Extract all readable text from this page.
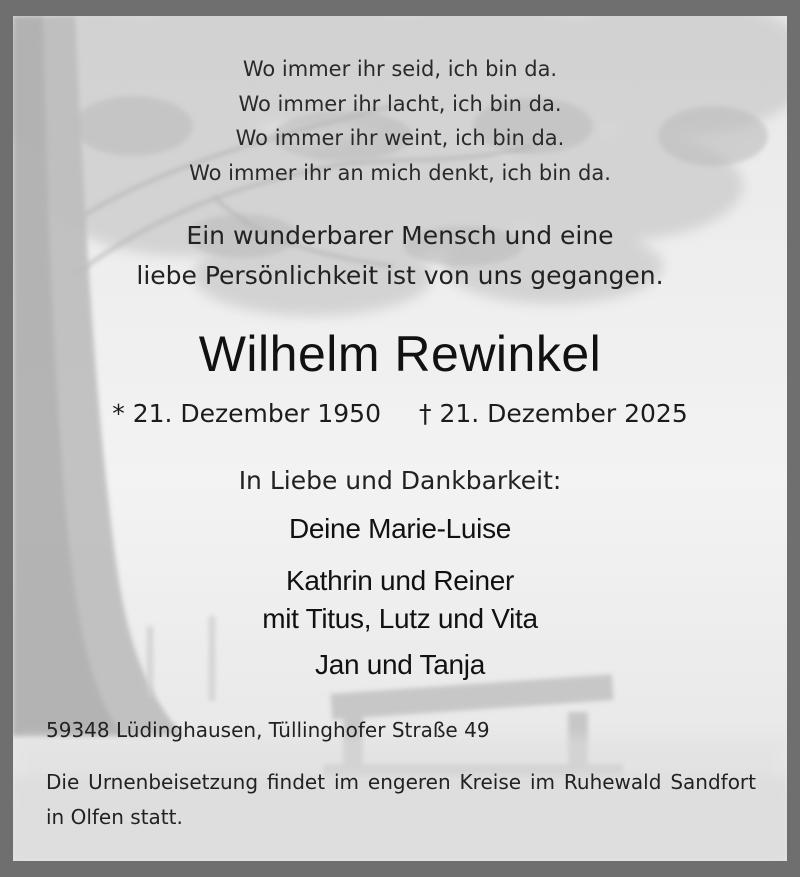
Wo immer ihr seid, ich bin da.
Wo immer ihr lacht, ich bin da.
Wo immer ihr weint, ich bin da.
Wo immer ihr an mich denkt, ich bin da.
Ein wunderbarer Mensch und eine
liebe Persönlichkeit ist von uns gegangen.
Wilhelm Rewinkel
* 21. Dezember 1950 † 21. Dezember 2025
In Liebe und Dankbarkeit:
Deine Marie-Luise
Kathrin und Reiner
mit Titus, Lutz und Vita
Jan und Tanja
59348 Lüdinghausen, Tüllinghofer Straße 49
Die Urnenbeisetzung findet im engeren Kreise im Ruhewald Sandfort in Olfen statt.
